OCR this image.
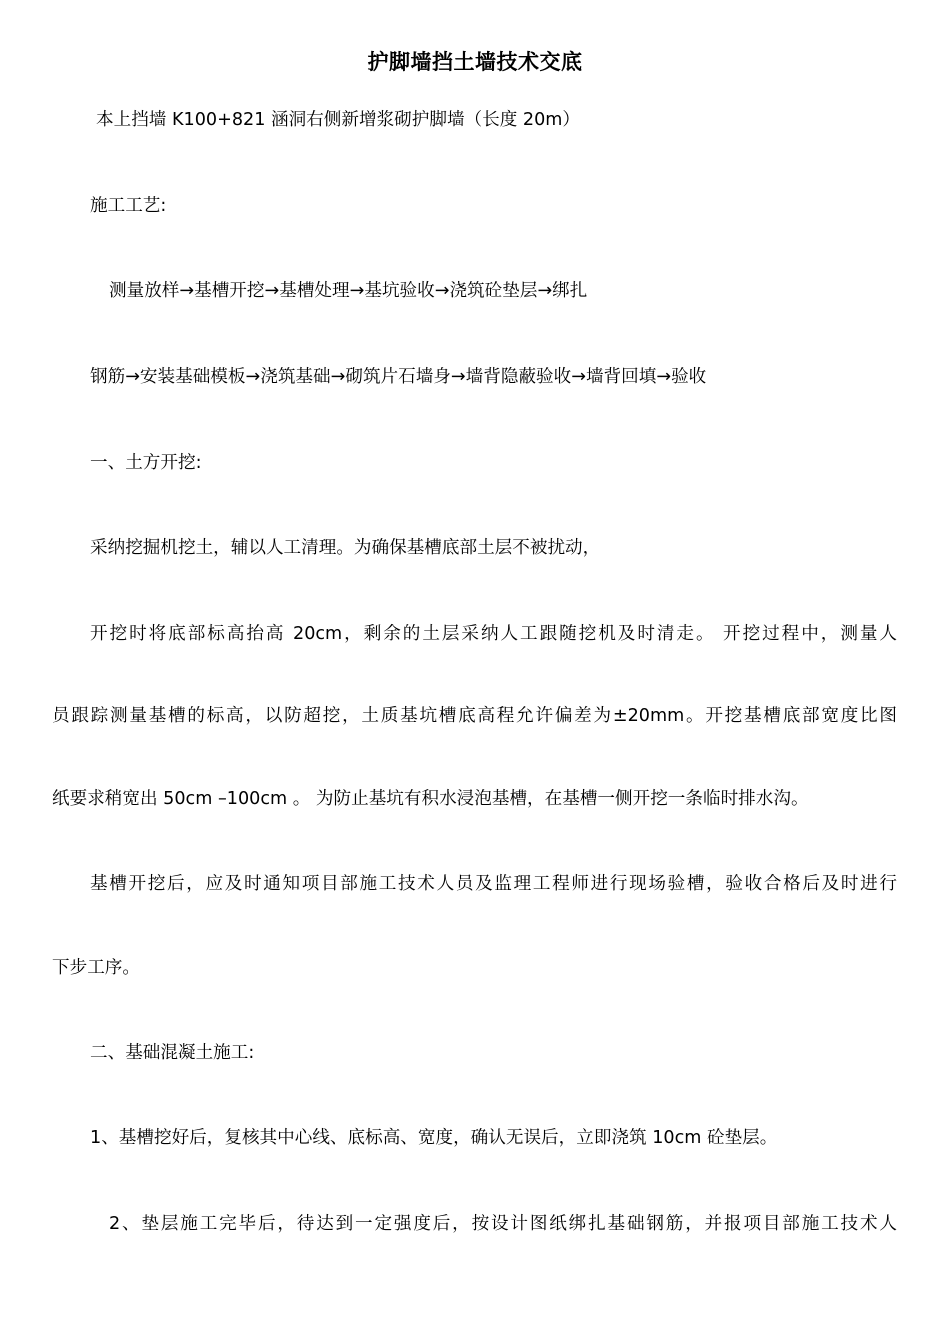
护脚墙挡土墙技术交底
本上挡墙 K100+821 涵洞右侧新增浆砌护脚墙（长度 20m）
施工工艺:
测量放样→基槽开挖→基槽处理→基坑验收→浇筑砼垫层→绑扎
钢筋→安装基础模板→浇筑基础→砌筑片石墙身→墙背隐蔽验收→墙背回填→验收
一、土方开挖:
采纳挖掘机挖土，辅以人工清理。为确保基槽底部土层不被扰动，
开挖时将底部标高抬高 20cm，剩余的土层采纳人工跟随挖机及时清走。 开挖过程中，测量人
员跟踪测量基槽的标高，以防超挖，土质基坑槽底高程允许偏差为±20mm。开挖基槽底部宽度比图
纸要求稍宽出 50cm –100cm 。 为防止基坑有积水浸泡基槽，在基槽一侧开挖一条临时排水沟。
基槽开挖后，应及时通知项目部施工技术人员及监理工程师进行现场验槽，验收合格后及时进行
下步工序。
二、基础混凝土施工:
1、基槽挖好后，复核其中心线、底标高、宽度，确认无误后，立即浇筑 10cm 砼垫层。
2、垫层施工完毕后，待达到一定强度后，按设计图纸绑扎基础钢筋，并报项目部施工技术人
